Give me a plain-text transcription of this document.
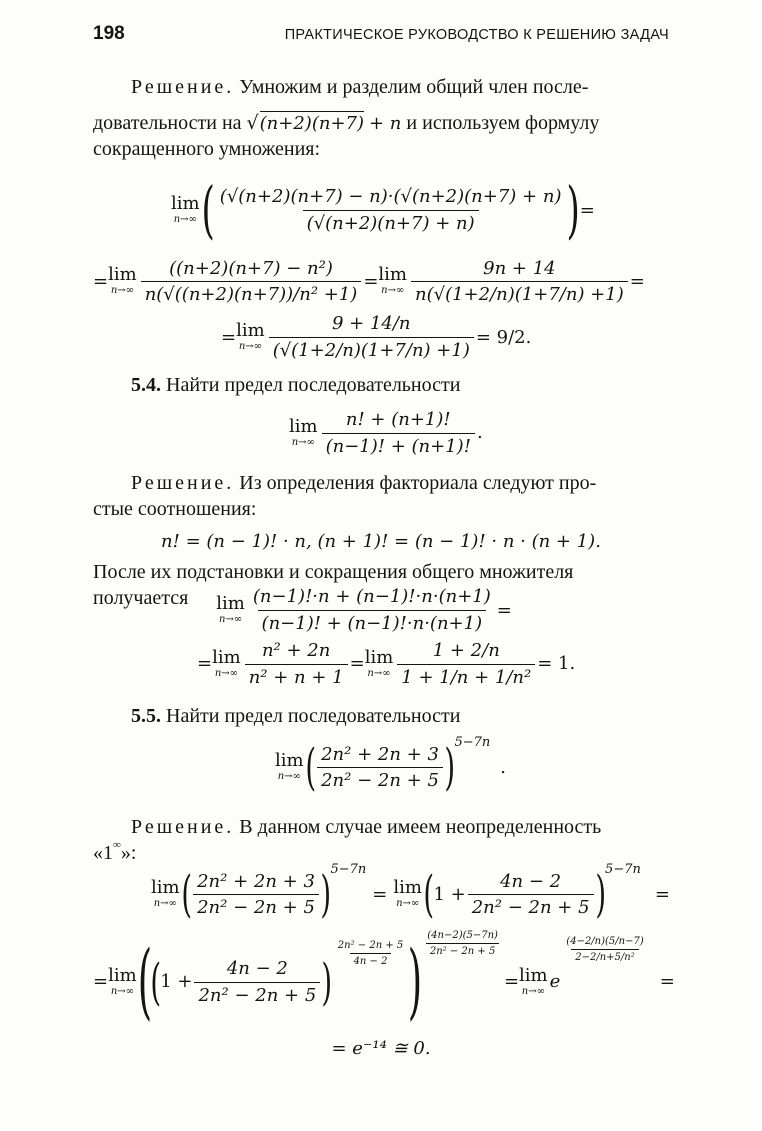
198	ПРАКТИЧЕСКОЕ РУКОВОДСТВО К РЕШЕНИЮ ЗАДАЧ

Решение. Умножим и разделим общий член после-

довательности на √(n+2)(n+7) + n и используем формулу

сокращенного умножения:

lim
n→∞ ( $\frac{(√(n+2)(n+7) - n)\cdot(√(n+2)(n+7) + n)}{(√(n+2)(n+7) + n)}$ ) =
= lim
$n\to\infty \frac{\text{((n+2)(n+7) − n²)}}{\text{n(√((n+2)(n+7))/n² +1)}} = \lim$
$n\to\infty \frac{9n + 14}{n(√(1+2/n)(1+7/n) +1)}$ =
= lim
$n\to\infty \frac{9 + 14/n}{(√(1+2/n)(1+7/n) +1)} = 9/2$.

5.4. Найти предел последовательности

lim
$n\to\infty \frac{n! + (n+1)!}{(n-1)! + (n+1)!}$ .

Решение. Из определения факториала следуют про-

стые соотношения:

n! = (n − 1)! · n, (n + 1)! = (n − 1)! · n · (n + 1).

После их подстановки и сокращения общего множителя

получается lim
$n\to\infty \frac{(n-1)!\cdot n + (n-1)!\cdot n\cdot(n+1)}{(n-1)! + (n-1)!\cdot n\cdot(n+1)}$ =
= lim
$n\to\infty \frac{\text{n² + 2n}}{\text{n² + n + 1}} = \lim$
$n\to\infty \frac{1 + 2/n}{\text{1 + 1/n + 1/n²}} = 1$.

5.5. Найти предел последовательности

lim
n→∞ ( $\frac{\text{2n² + 2n + 3}}{\text{2n² − 2n + 5}}$ ) 5−7n
.

Решение. В данном случае имеем неопределенность

«1∞»:

lim
n→∞ ( $\frac{\text{2n² + 2n + 3}}{\text{2n² − 2n + 5}}$ ) 5−7n
= lim
n→∞ ( $1 + \frac{4n - 2}{\text{2n² − 2n + 5}}$ ) 5−7n
=
= lim
n→∞ (
( $1 + \frac{4n - 2}{\text{2n² − 2n + 5}}$ ) $\frac{\text{2n² − 2n + 5}}{4n - 2}$ ) $\frac{(4n-2)(5-7n)}{\text{2n² − 2n + 5}}$
= lim
n→∞ e
$\frac{(4-2/n)(5/n-7)}{\text{2−2/n+5/n²}}$
=
= e⁻¹⁴ ≅ 0.
